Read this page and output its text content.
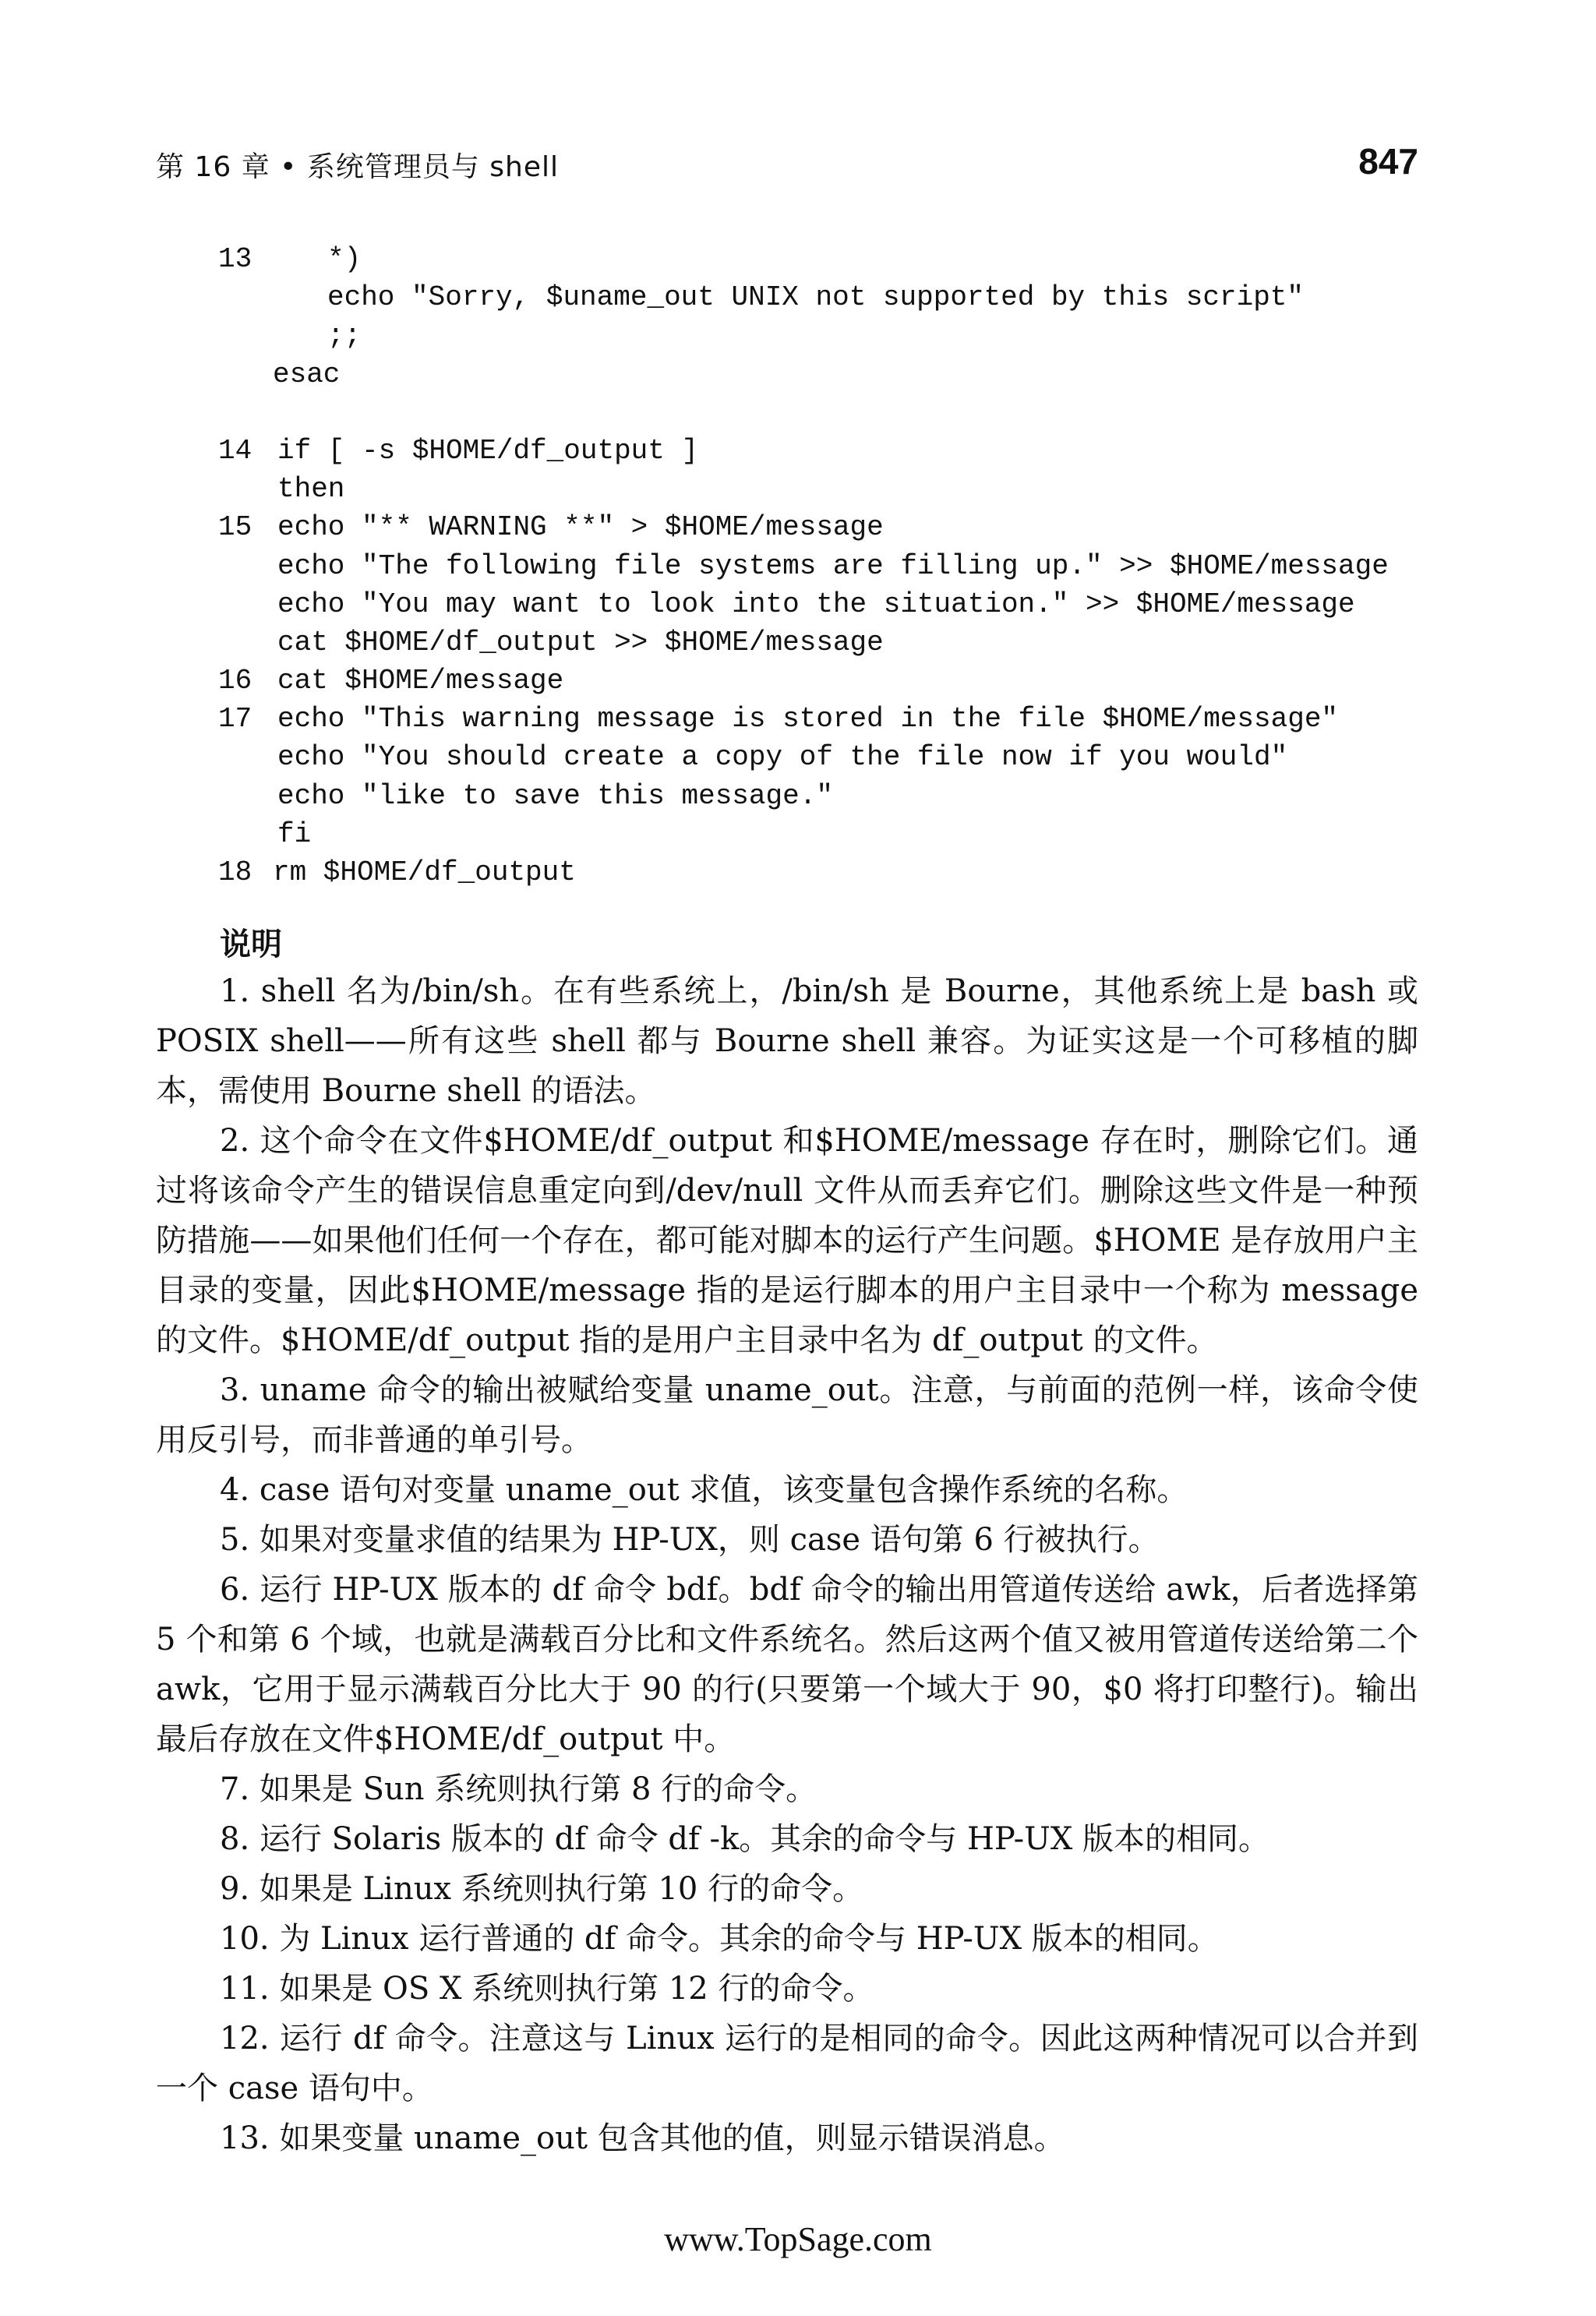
第 16 章 • 系统管理员与 shell	847
13	*)
echo "Sorry, $uname_out UNIX not supported by this script"
;;
esac
14 if [ -s $HOME/df_output ]
then
15 echo "** WARNING **" > $HOME/message
echo "The following file systems are filling up." >> $HOME/message
echo "You may want to look into the situation." >> $HOME/message
cat $HOME/df_output >> $HOME/message
16 cat $HOME/message
17 echo "This warning message is stored in the file $HOME/message"
echo "You should create a copy of the file now if you would"
echo "like to save this message."
fi
18 rm $HOME/df_output
说明

1. shell 名为/bin/sh。在有些系统上，/bin/sh 是 Bourne，其他系统上是 bash 或 POSIX shell——所有这些 shell 都与 Bourne shell 兼容。为证实这是一个可移植的脚本，需使用 Bourne shell 的语法。

2. 这个命令在文件$HOME/df_output 和$HOME/message 存在时，删除它们。通过将该命令产生的错误信息重定向到/dev/null 文件从而丢弃它们。删除这些文件是一种预防措施——如果他们任何一个存在，都可能对脚本的运行产生问题。$HOME 是存放用户主目录的变量，因此$HOME/message 指的是运行脚本的用户主目录中一个称为 message 的文件。$HOME/df_output 指的是用户主目录中名为 df_output 的文件。

3. uname 命令的输出被赋给变量 uname_out。注意，与前面的范例一样，该命令使用反引号，而非普通的单引号。

4. case 语句对变量 uname_out 求值，该变量包含操作系统的名称。

5. 如果对变量求值的结果为 HP-UX，则 case 语句第 6 行被执行。

6. 运行 HP-UX 版本的 df 命令 bdf。bdf 命令的输出用管道传送给 awk，后者选择第 5 个和第 6 个域，也就是满载百分比和文件系统名。然后这两个值又被用管道传送给第二个 awk，它用于显示满载百分比大于 90 的行(只要第一个域大于 90，$0 将打印整行)。输出最后存放在文件$HOME/df_output 中。

7. 如果是 Sun 系统则执行第 8 行的命令。

8. 运行 Solaris 版本的 df 命令 df -k。其余的命令与 HP-UX 版本的相同。

9. 如果是 Linux 系统则执行第 10 行的命令。

10. 为 Linux 运行普通的 df 命令。其余的命令与 HP-UX 版本的相同。

11. 如果是 OS X 系统则执行第 12 行的命令。

12. 运行 df 命令。注意这与 Linux 运行的是相同的命令。因此这两种情况可以合并到一个 case 语句中。

13. 如果变量 uname_out 包含其他的值，则显示错误消息。

www.TopSage.com
